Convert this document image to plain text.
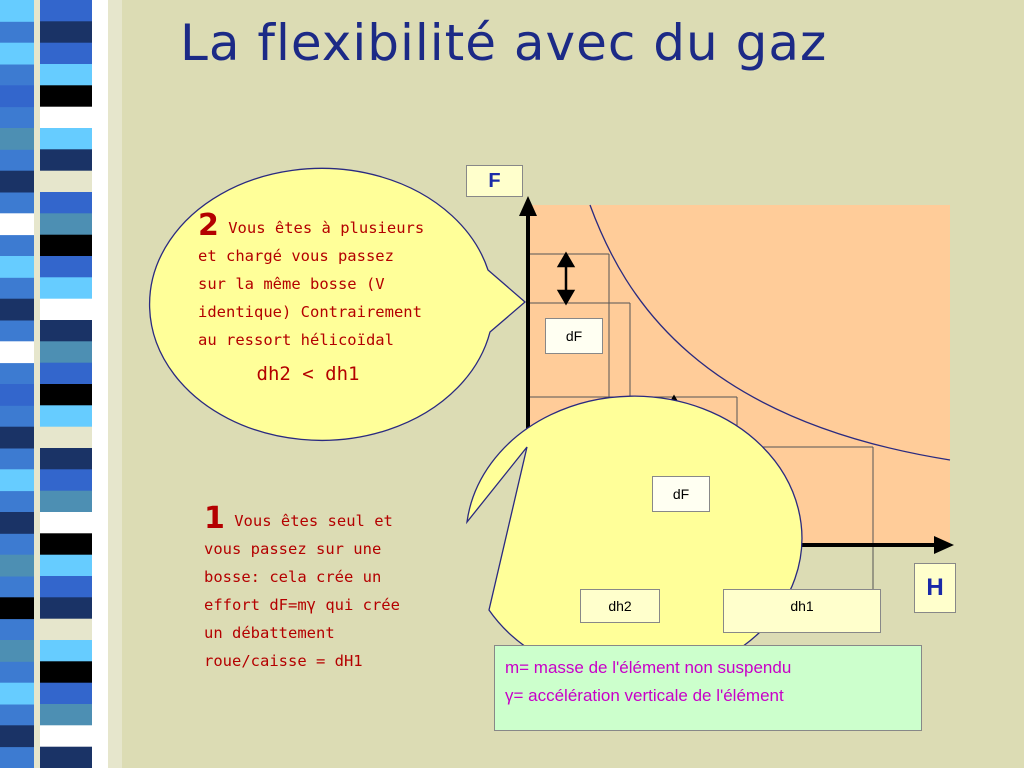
La flexibilité avec du gaz
2 Vous êtes à plusieurs
et chargé vous passez
sur la même bosse (V
identique) Contrairement
au ressort hélicoïdal
dh2 < dh1
1 Vous êtes seul et
vous passez sur une
bosse: cela crée un
effort dF=mγ qui crée
un débattement
roue/caisse = dH1
F
H
dF
dF
dh2	dh1
m= masse de l'élément non suspendu
γ= accélération verticale de l'élément
